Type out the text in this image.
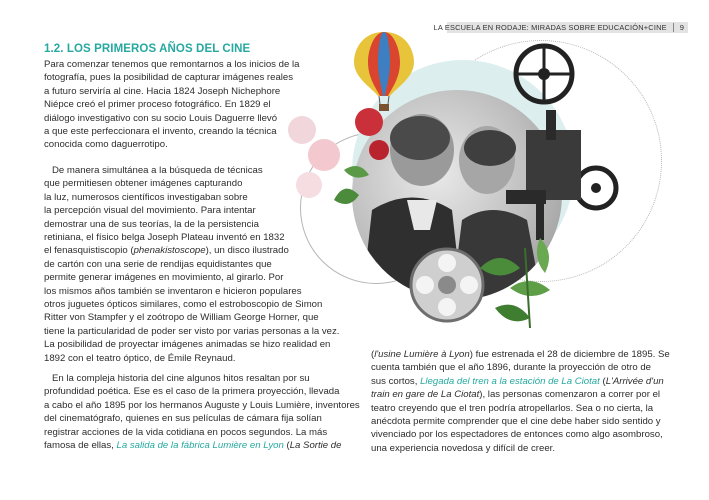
LA ESCUELA EN RODAJE: MIRADAS SOBRE EDUCACIÓN+CINE	9
1.2. LOS PRIMEROS AÑOS DEL CINE
Para comenzar tenemos que remontarnos a los inicios de la
fotografía, pues la posibilidad de capturar imágenes reales
a futuro serviría al cine. Hacia 1824 Joseph Nichephore
Niépce creó el primer proceso fotográfico. En 1829 el
diálogo investigativo con su socio Louis Daguerre llevó
a que este perfeccionara el invento, creando la técnica
conocida como daguerrotipo.
De manera simultánea a la búsqueda de técnicas
que permitiesen obtener imágenes capturando
la luz, numerosos científicos investigaban sobre
la percepción visual del movimiento. Para intentar
demostrar una de sus teorías, la de la persistencia
retiniana, el físico belga Joseph Plateau inventó en 1832
el fenasquistiscopio (phenakistoscope), un disco ilustrado
de cartón con una serie de rendijas equidistantes que
permite generar imágenes en movimiento, al girarlo. Por
los mismos años también se inventaron e hicieron populares
otros juguetes ópticos similares, como el estroboscopio de Simon
Ritter von Stampfer y el zoótropo de William George Horner, que
tiene la particularidad de poder ser visto por varias personas a la vez.
La posibilidad de proyectar imágenes animadas se hizo realidad en
1892 con el teatro óptico, de Émile Reynaud.
En la compleja historia del cine algunos hitos resaltan por su
profundidad poética. Ese es el caso de la primera proyección, llevada
a cabo el año 1895 por los hermanos Auguste y Louis Lumière, inventores
del cinematógrafo, quienes en sus películas de cámara fija solían
registrar acciones de la vida cotidiana en pocos segundos. La más
famosa de ellas, La salida de la fábrica Lumière en Lyon (La Sortie de
(l'usine Lumière à Lyon) fue estrenada el 28 de diciembre de 1895. Se
cuenta también que el año 1896, durante la proyección de otro de
sus cortos, Llegada del tren a la estación de La Ciotat (L'Arrivée d'un
train en gare de La Ciotat), las personas comenzaron a correr por el
teatro creyendo que el tren podría atropellarlos. Sea o no cierta, la
anécdota permite comprender que el cine debe haber sido sentido y
vivenciado por los espectadores de entonces como algo asombroso,
una experiencia novedosa y difícil de creer.
